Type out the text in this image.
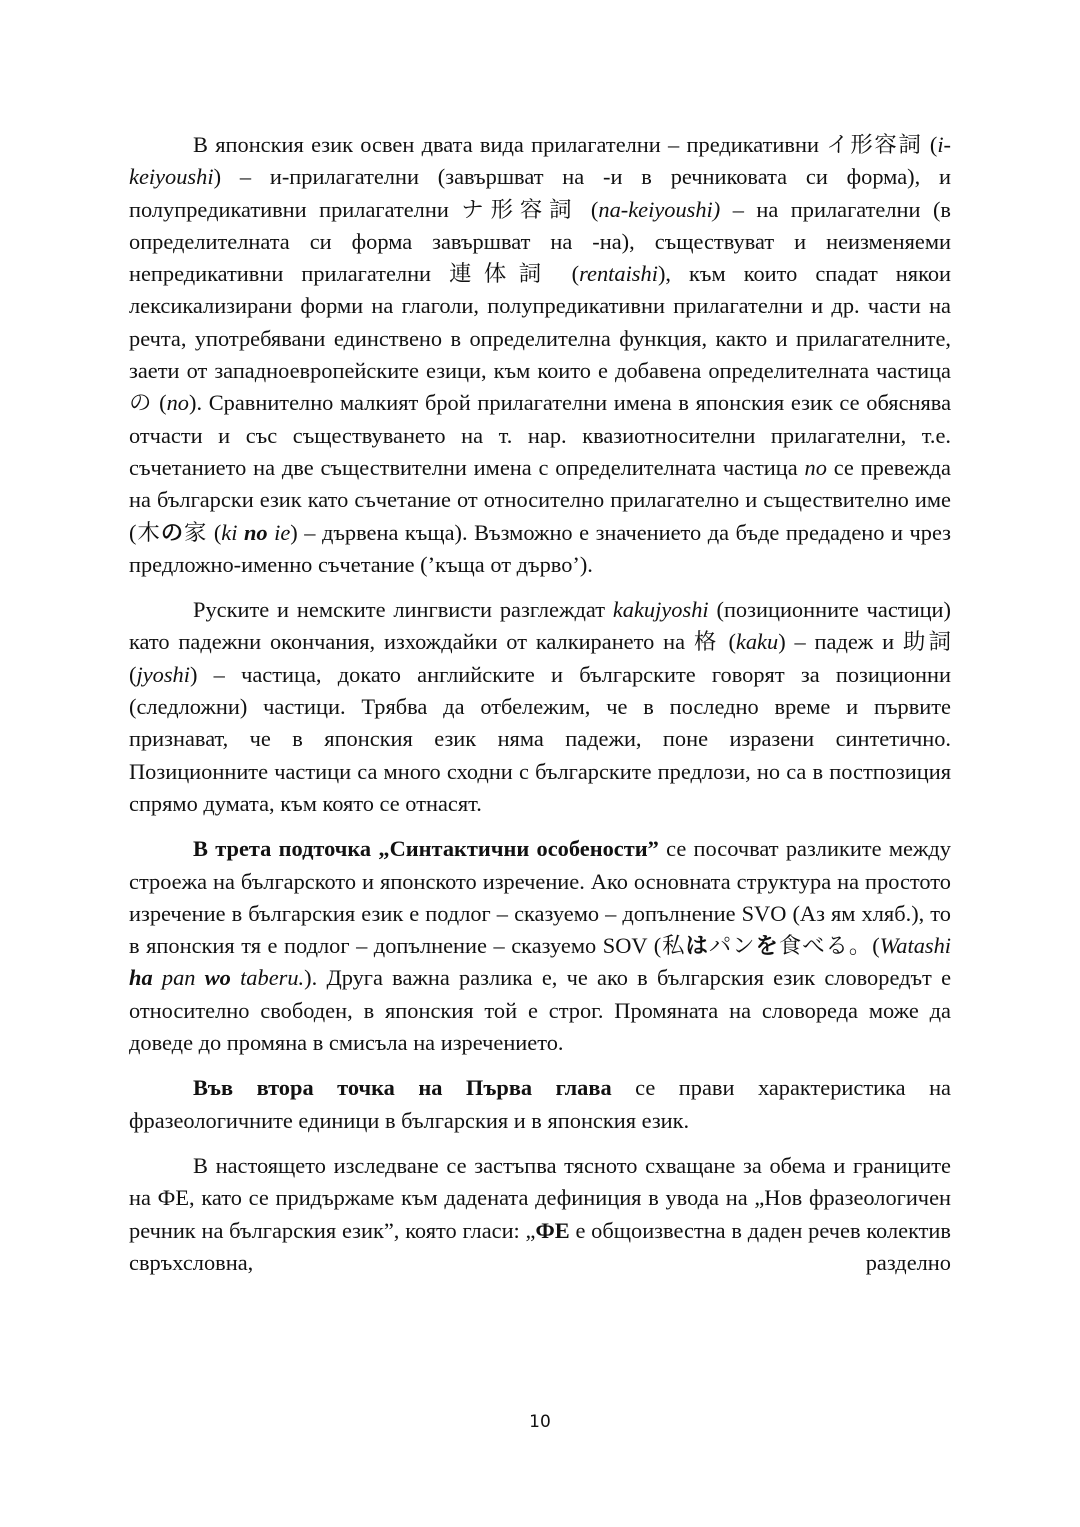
В японския език освен двата вида прилагателни – предикативни イ形容詞 (i-keiyoushi) – и-прилагателни (завършват на -и в речниковата си форма), и полупредикативни прилагателни ナ形容詞 (na-keiyoushi) – на прилагателни (в определителната си форма завършват на -на), съществуват и неизменяеми непредикативни прилагателни 連体詞 (rentaishi), към които спадат някои лексикализирани форми на глаголи, полупредикативни прилагателни и др. части на речта, употребявани единствено в определителна функция, както и прилагателните, заети от западноевропейските езици, към които е добавена определителната частица の (no). Сравнително малкият брой прилагателни имена в японския език се обяснява отчасти и със съществуването на т. нар. квазиотносителни прилагателни, т.е. съчетанието на две съществителни имена с определителната частица no се превежда на български език като съчетание от относително прилагателно и съществително име (木の家 (ki no ie) – дървена къща). Възможно е значението да бъде предадено и чрез предложно-именно съчетание (’къща от дърво’).

Руските и немските лингвисти разглеждат kakujyoshi (позиционните частици) като падежни окончания, изхождайки от калкирането на 格 (kaku) – падеж и 助詞 (jyoshi) – частица, докато английските и българските говорят за позиционни (следложни) частици. Трябва да отбележим, че в последно време и първите признават, че в японския език няма падежи, поне изразени синтетично. Позиционните частици са много сходни с българските предлози, но са в постпозиция спрямо думата, към която се отнасят.

В трета подточка „Синтактични особености” се посочват разликите между строежа на българското и японското изречение. Ако основната структура на простото изречение в българския език е подлог – сказуемо – допълнение SVO (Аз ям хляб.), то в японския тя е подлог – допълнение – сказуемо SOV (私はパンを食べる。(Watashi ha pan wo taberu.). Друга важна разлика е, че ако в българския език словоредът е относително свободен, в японския той е строг. Промяната на словореда може да доведе до промяна в смисъла на изречението.

Във втора точка на Първа глава се прави характеристика на фразеологичните единици в българския и в японския език.

В настоящето изследване се застъпва тясното схващане за обема и границите на ФЕ, като се придържаме към дадената дефиниция в увода на „Нов фразеологичен речник на българския език”, която гласи: „ФЕ е общоизвестна в даден речев колектив свръхсловна, разделно

10
